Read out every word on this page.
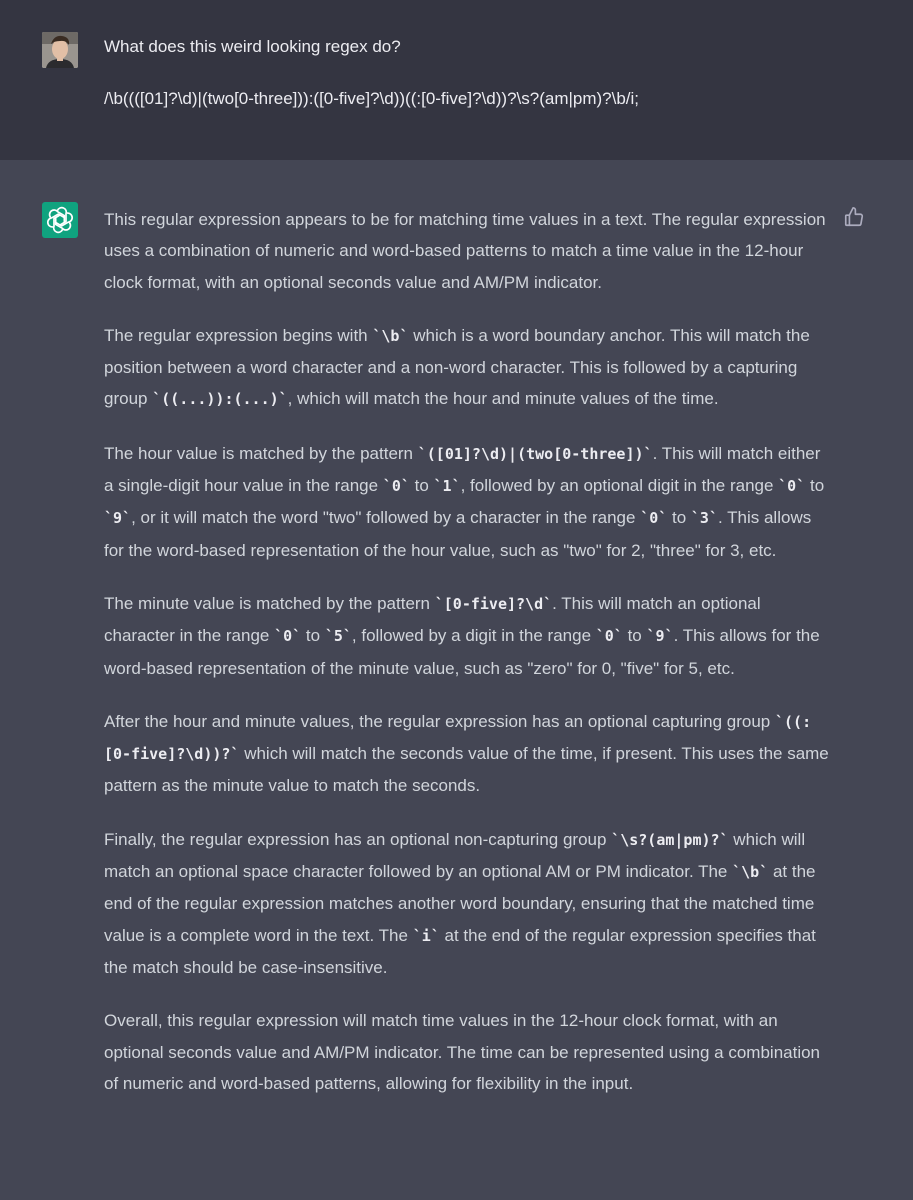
What does this weird looking regex do?

/\b((([01]?\d)|(two[0-three])):([0-five]?\d))((:[0-five]?\d))?\s?(am|pm)?\b/i;

This regular expression appears to be for matching time values in a text. The regular expression uses a combination of numeric and word-based patterns to match a time value in the 12-hour clock format, with an optional seconds value and AM/PM indicator.

The regular expression begins with `\b` which is a word boundary anchor. This will match the position between a word character and a non-word character. This is followed by a capturing group `((...)):(...)`, which will match the hour and minute values of the time.

The hour value is matched by the pattern `([01]?\d)|(two[0-three])`. This will match either a single-digit hour value in the range `0` to `1`, followed by an optional digit in the range `0` to `9`, or it will match the word "two" followed by a character in the range `0` to `3`. This allows for the word-based representation of the hour value, such as "two" for 2, "three" for 3, etc.

The minute value is matched by the pattern `[0-five]?\d`. This will match an optional character in the range `0` to `5`, followed by a digit in the range `0` to `9`. This allows for the word-based representation of the minute value, such as "zero" for 0, "five" for 5, etc.

After the hour and minute values, the regular expression has an optional capturing group `((:[0-five]?\d))?` which will match the seconds value of the time, if present. This uses the same pattern as the minute value to match the seconds.

Finally, the regular expression has an optional non-capturing group `\s?(am|pm)?` which will match an optional space character followed by an optional AM or PM indicator. The `\b` at the end of the regular expression matches another word boundary, ensuring that the matched time value is a complete word in the text. The `i` at the end of the regular expression specifies that the match should be case-insensitive.

Overall, this regular expression will match time values in the 12-hour clock format, with an optional seconds value and AM/PM indicator. The time can be represented using a combination of numeric and word-based patterns, allowing for flexibility in the input.
